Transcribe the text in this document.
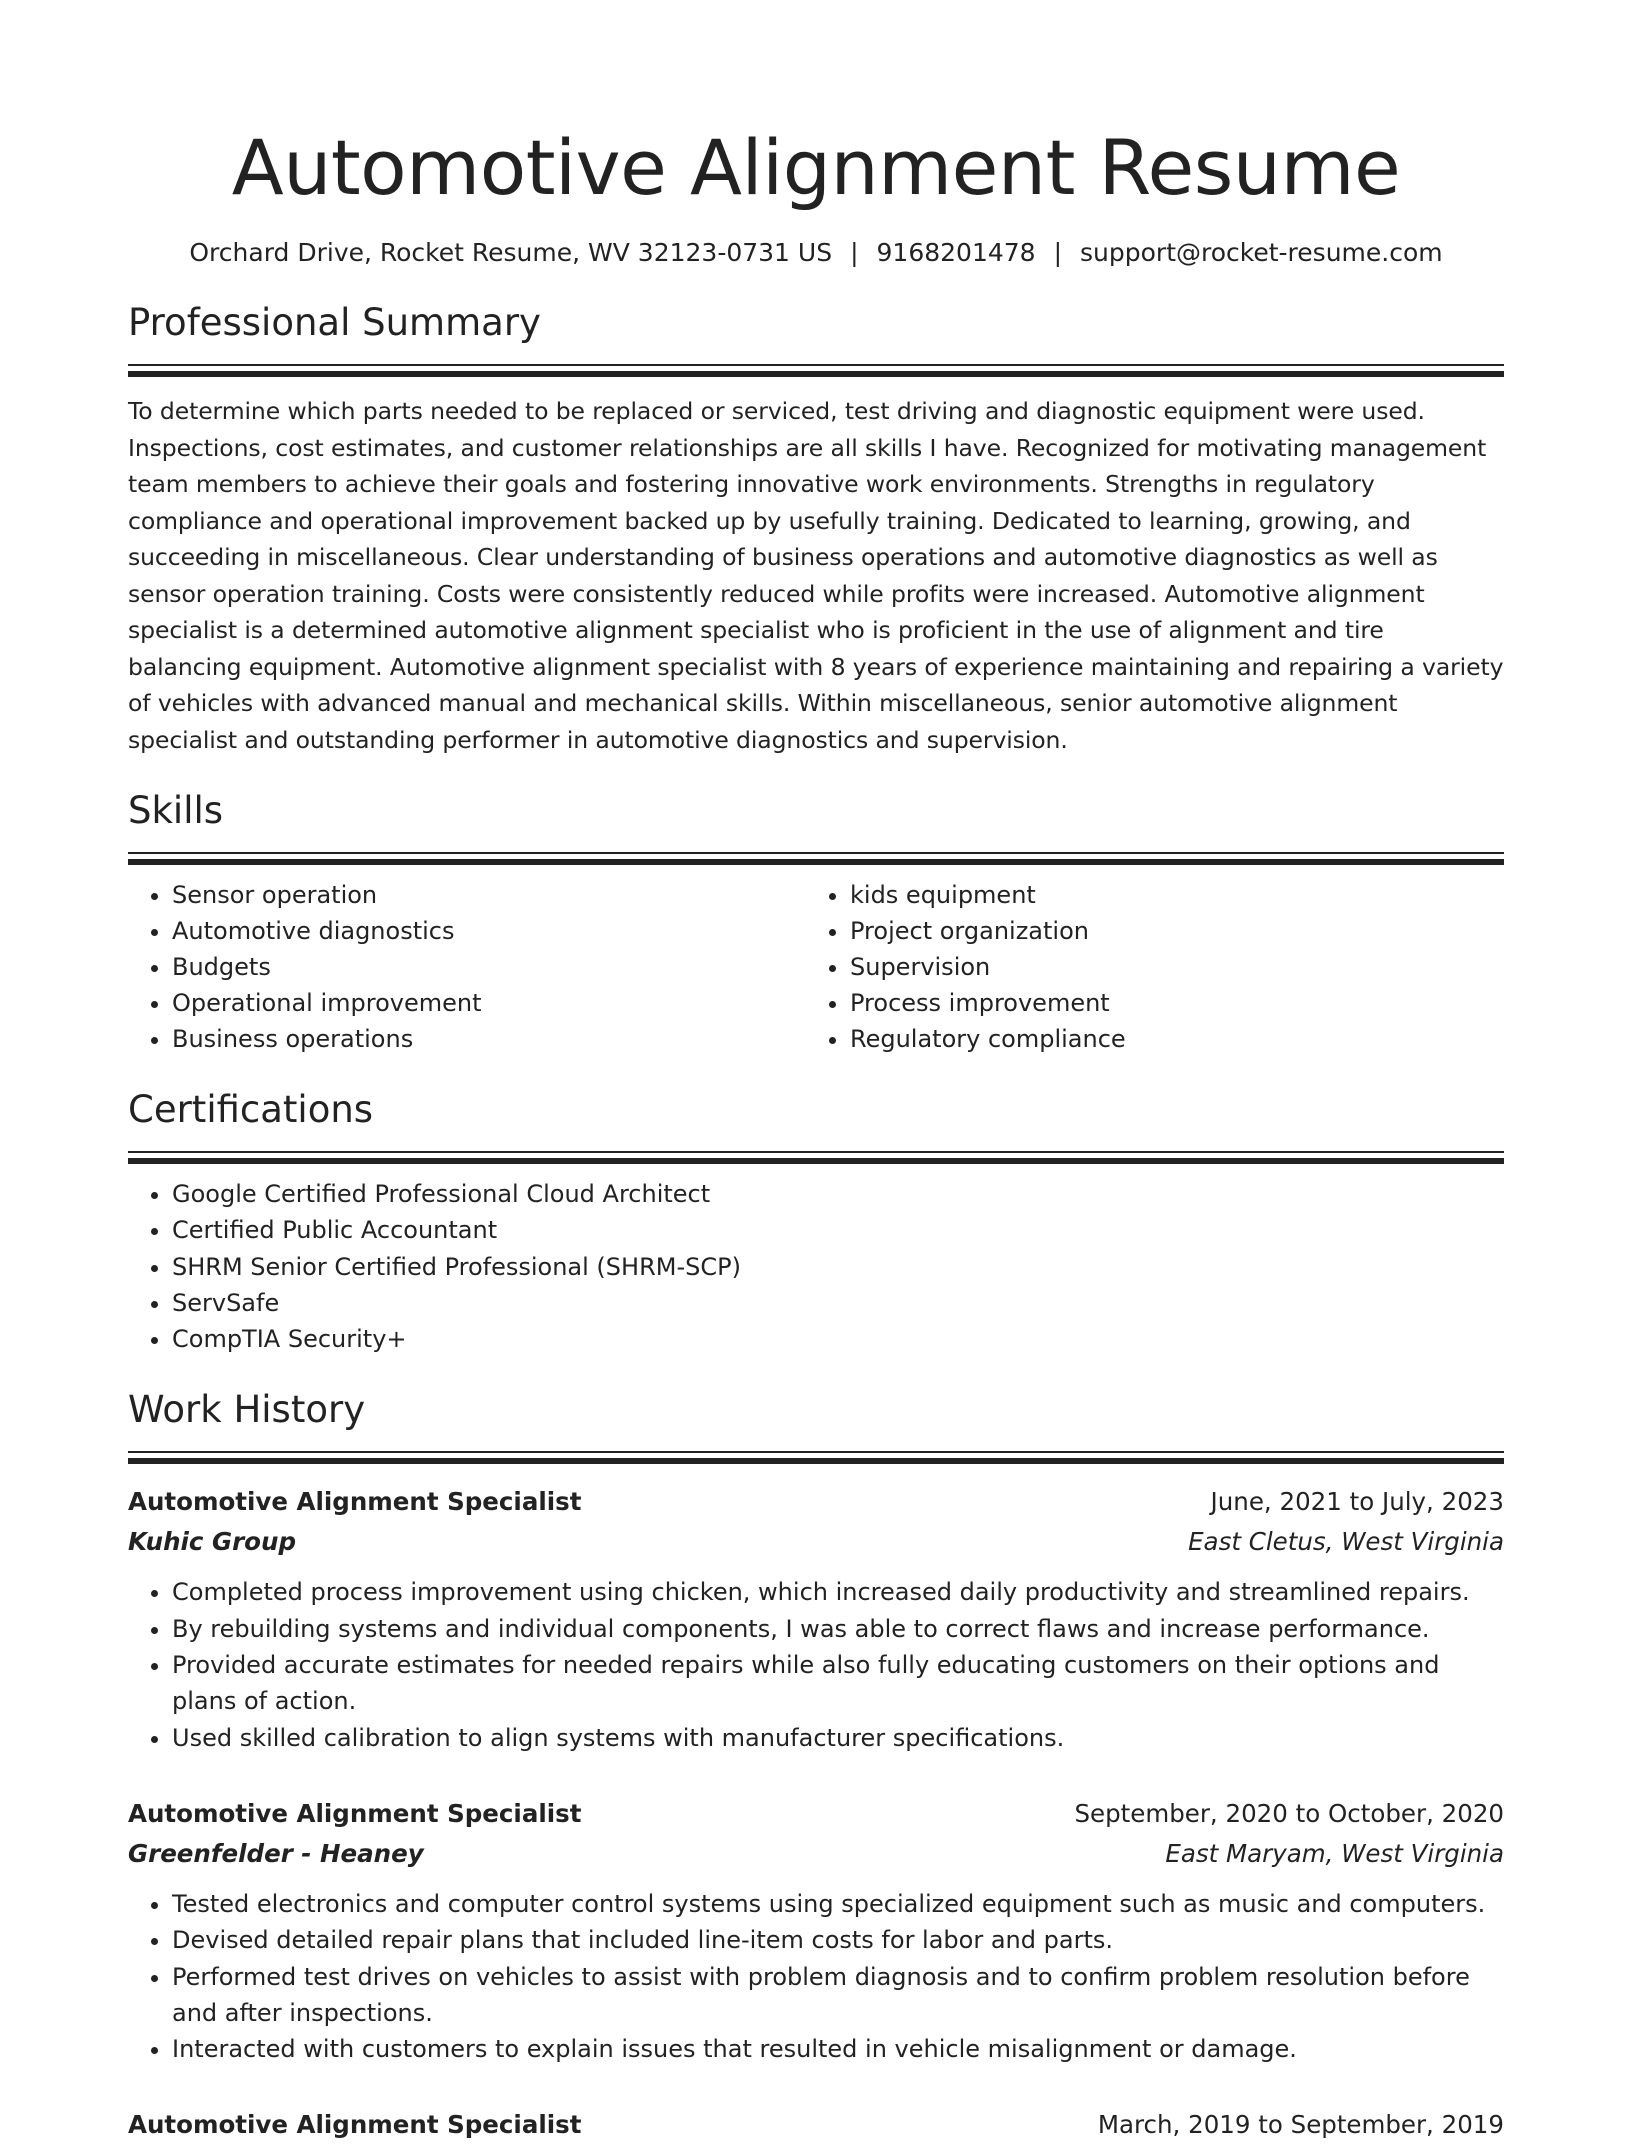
Automotive Alignment Resume
Orchard Drive, Rocket Resume, WV 32123-0731 US | 9168201478 | support@rocket-resume.com
Professional Summary

To determine which parts needed to be replaced or serviced, test driving and diagnostic equipment were used. Inspections, cost estimates, and customer relationships are all skills I have. Recognized for motivating management team members to achieve their goals and fostering innovative work environments. Strengths in regulatory compliance and operational improvement backed up by usefully training. Dedicated to learning, growing, and succeeding in miscellaneous. Clear understanding of business operations and automotive diagnostics as well as sensor operation training. Costs were consistently reduced while profits were increased. Automotive alignment specialist is a determined automotive alignment specialist who is proficient in the use of alignment and tire balancing equipment. Automotive alignment specialist with 8 years of experience maintaining and repairing a variety of vehicles with advanced manual and mechanical skills. Within miscellaneous, senior automotive alignment specialist and outstanding performer in automotive diagnostics and supervision.

Skills
• Sensor operation
• Automotive diagnostics
• Budgets
• Operational improvement
• Business operations
• kids equipment
• Project organization
• Supervision
• Process improvement
• Regulatory compliance
Certifications
• Google Certified Professional Cloud Architect
• Certified Public Accountant
• SHRM Senior Certified Professional (SHRM-SCP)
• ServSafe
• CompTIA Security+
Work History
Automotive Alignment Specialist	June, 2021 to July, 2023
Kuhic Group	East Cletus, West Virginia
• Completed process improvement using chicken, which increased daily productivity and streamlined repairs.
• By rebuilding systems and individual components, I was able to correct flaws and increase performance.
• Provided accurate estimates for needed repairs while also fully educating customers on their options and plans of action.
• Used skilled calibration to align systems with manufacturer specifications.
Automotive Alignment Specialist	September, 2020 to October, 2020
Greenfelder - Heaney	East Maryam, West Virginia
• Tested electronics and computer control systems using specialized equipment such as music and computers.
• Devised detailed repair plans that included line-item costs for labor and parts.
• Performed test drives on vehicles to assist with problem diagnosis and to confirm problem resolution before and after inspections.
• Interacted with customers to explain issues that resulted in vehicle misalignment or damage.
Automotive Alignment Specialist	March, 2019 to September, 2019
